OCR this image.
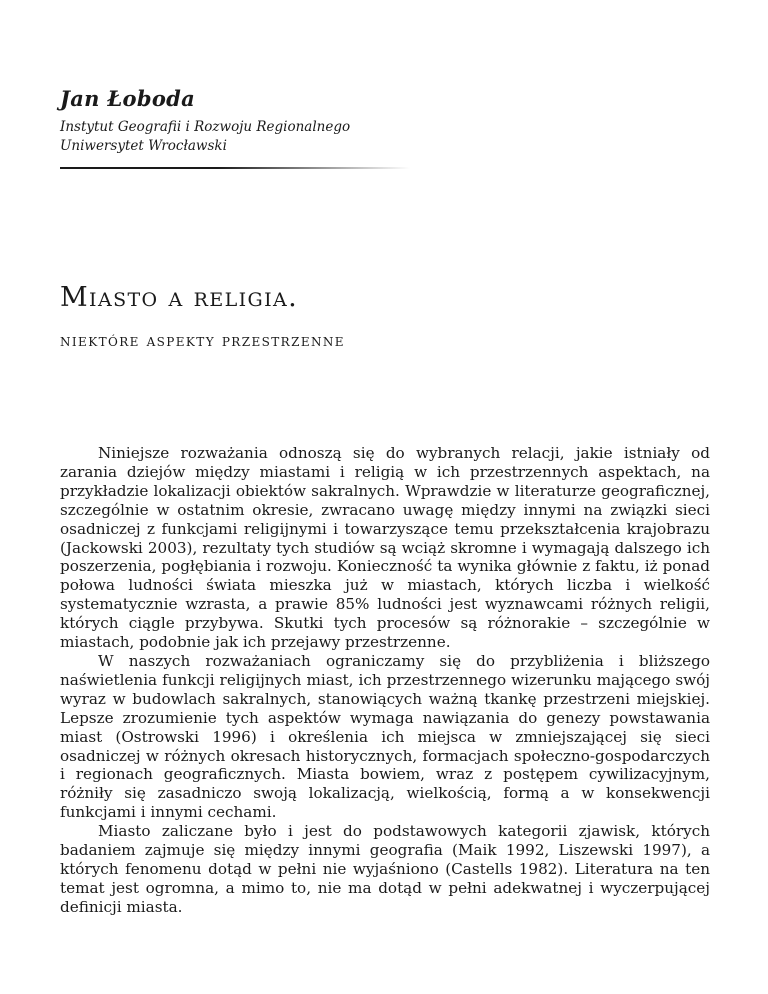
Jan Łoboda
Instytut Geografii i Rozwoju Regionalnego
Uniwersytet Wrocławski
Miasto a religia.
niektóre aspekty przestrzenne

Niniejsze rozważania odnoszą się do wybranych relacji, jakie istniały od zarania dziejów między miastami i religią w ich przestrzennych aspektach, na przykładzie lokalizacji obiektów sakralnych. Wprawdzie w literaturze geograficznej, szczególnie w ostatnim okresie, zwracano uwagę między innymi na związki sieci osadniczej z funkcjami religijnymi i towarzyszące temu przekształcenia krajobrazu (Jackowski 2003), rezultaty tych studiów są wciąż skromne i wymagają dalszego ich poszerzenia, pogłębiania i rozwoju. Konieczność ta wynika głównie z faktu, iż ponad połowa ludności świata mieszka już w miastach, których liczba i wielkość systematycznie wzrasta, a prawie 85% ludności jest wyznawcami różnych religii, których ciągle przybywa. Skutki tych procesów są różnorakie – szczególnie w miastach, podobnie jak ich przejawy przestrzenne.

W naszych rozważaniach ograniczamy się do przybliżenia i bliższego naświetlenia funkcji religijnych miast, ich przestrzennego wizerunku mającego swój wyraz w budowlach sakralnych, stanowiących ważną tkankę przestrzeni miejskiej. Lepsze zrozumienie tych aspektów wymaga nawiązania do genezy powstawania miast (Ostrowski 1996) i określenia ich miejsca w zmniejszającej się sieci osadniczej w różnych okresach historycznych, formacjach społeczno-gospodarczych i regionach geograficznych. Miasta bowiem, wraz z postępem cywilizacyjnym, różniły się zasadniczo swoją lokalizacją, wielkością, formą a w konsekwencji funkcjami i innymi cechami.

Miasto zaliczane było i jest do podstawowych kategorii zjawisk, których badaniem zajmuje się między innymi geografia (Maik 1992, Liszewski 1997), a których fenomenu dotąd w pełni nie wyjaśniono (Castells 1982). Literatura na ten temat jest ogromna, a mimo to, nie ma dotąd w pełni adekwatnej i wyczerpującej definicji miasta.
